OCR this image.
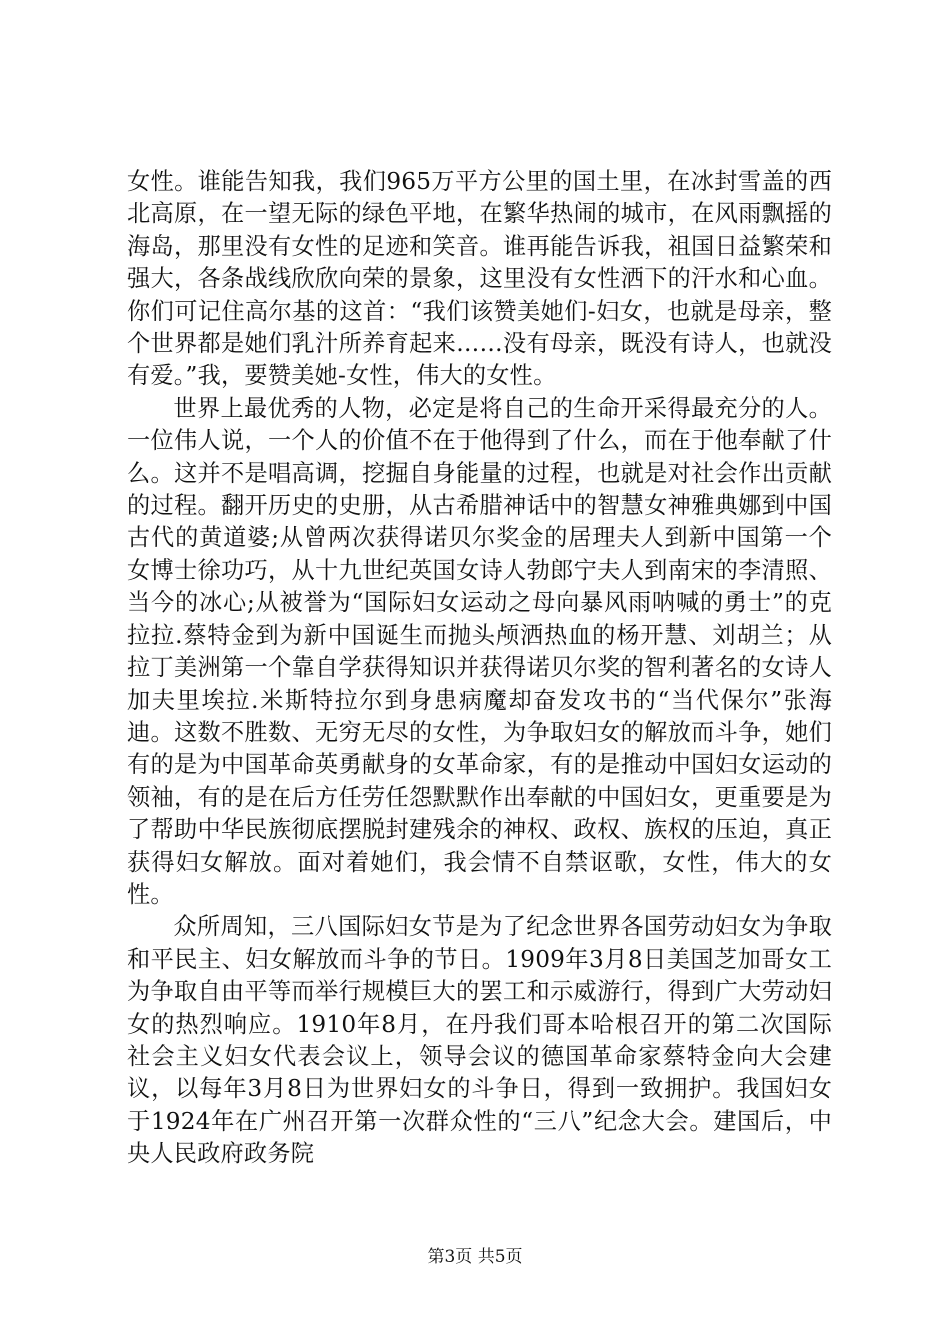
女性。谁能告知我，我们965万平方公里的国土里，在冰封雪盖的西北高原，在一望无际的绿色平地，在繁华热闹的城市，在风雨飘摇的海岛，那里没有女性的足迹和笑音。谁再能告诉我，祖国日益繁荣和强大，各条战线欣欣向荣的景象，这里没有女性洒下的汗水和心血。你们可记住高尔基的这首：“我们该赞美她们-妇女，也就是母亲，整个世界都是她们乳汁所养育起来……没有母亲，既没有诗人，也就没有爱。”我，要赞美她-女性，伟大的女性。

世界上最优秀的人物，必定是将自己的生命开采得最充分的人。一位伟人说，一个人的价值不在于他得到了什么，而在于他奉献了什么。这并不是唱高调，挖掘自身能量的过程，也就是对社会作出贡献的过程。翻开历史的史册，从古希腊神话中的智慧女神雅典娜到中国古代的黄道婆;从曾两次获得诺贝尔奖金的居理夫人到新中国第一个女博士徐功巧，从十九世纪英国女诗人勃郎宁夫人到南宋的李清照、当今的冰心;从被誉为“国际妇女运动之母向暴风雨呐喊的勇士”的克拉拉.蔡特金到为新中国诞生而抛头颅洒热血的杨开慧、刘胡兰；从拉丁美洲第一个靠自学获得知识并获得诺贝尔奖的智利著名的女诗人加夫里埃拉.米斯特拉尔到身患病魔却奋发攻书的“当代保尔”张海迪。这数不胜数、无穷无尽的女性，为争取妇女的解放而斗争，她们有的是为中国革命英勇献身的女革命家，有的是推动中国妇女运动的领袖，有的是在后方任劳任怨默默作出奉献的中国妇女，更重要是为了帮助中华民族彻底摆脱封建残余的神权、政权、族权的压迫，真正获得妇女解放。面对着她们，我会情不自禁讴歌，女性，伟大的女性。

众所周知，三八国际妇女节是为了纪念世界各国劳动妇女为争取和平民主、妇女解放而斗争的节日。1909年3月8日美国芝加哥女工为争取自由平等而举行规模巨大的罢工和示威游行，得到广大劳动妇女的热烈响应。1910年8月，在丹我们哥本哈根召开的第二次国际社会主义妇女代表会议上，领导会议的德国革命家蔡特金向大会建议，以每年3月8日为世界妇女的斗争日，得到一致拥护。我国妇女于1924年在广州召开第一次群众性的“三八”纪念大会。建国后，中央人民政府政务院

第3页 共5页
